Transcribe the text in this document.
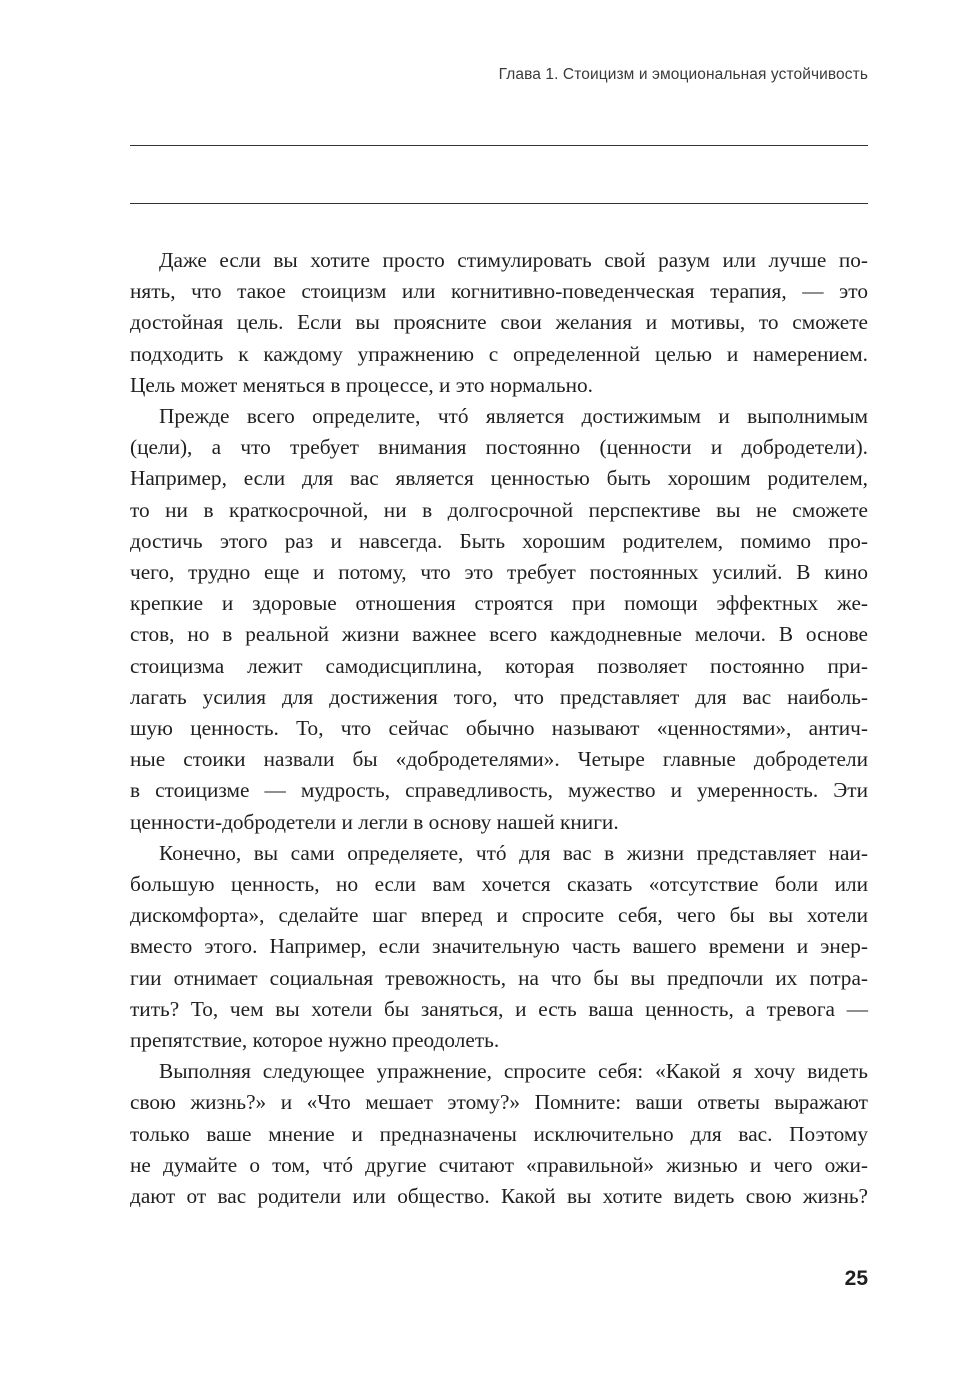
Глава 1. Стоицизм и эмоциональная устойчивость

Даже если вы хотите просто стимулировать свой разум или лучше по-
нять, что такое стоицизм или когнитивно-поведенческая терапия, — это
достойная цель. Если вы проясните свои желания и мотивы, то сможете
подходить к каждому упражнению с определенной целью и намерением.
Цель может меняться в процессе, и это нормально.

Прежде всего определите, чтó является достижимым и выполнимым
(цели), а что требует внимания постоянно (ценности и добродетели).
Например, если для вас является ценностью быть хорошим родителем,
то ни в краткосрочной, ни в долгосрочной перспективе вы не сможете
достичь этого раз и навсегда. Быть хорошим родителем, помимо про-
чего, трудно еще и потому, что это требует постоянных усилий. В кино
крепкие и здоровые отношения строятся при помощи эффектных же-
стов, но в реальной жизни важнее всего каждодневные мелочи. В основе
стоицизма лежит самодисциплина, которая позволяет постоянно при-
лагать усилия для достижения того, что представляет для вас наиболь-
шую ценность. То, что сейчас обычно называют «ценностями», антич-
ные стоики назвали бы «добродетелями». Четыре главные добродетели
в стоицизме — мудрость, справедливость, мужество и умеренность. Эти
ценности-добродетели и легли в основу нашей книги.

Конечно, вы сами определяете, чтó для вас в жизни представляет наи-
большую ценность, но если вам хочется сказать «отсутствие боли или
дискомфорта», сделайте шаг вперед и спросите себя, чего бы вы хотели
вместо этого. Например, если значительную часть вашего времени и энер-
гии отнимает социальная тревожность, на что бы вы предпочли их потра-
тить? То, чем вы хотели бы заняться, и есть ваша ценность, а тревога —
препятствие, которое нужно преодолеть.

Выполняя следующее упражнение, спросите себя: «Какой я хочу видеть
свою жизнь?» и «Что мешает этому?» Помните: ваши ответы выражают
только ваше мнение и предназначены исключительно для вас. Поэтому
не думайте о том, чтó другие считают «правильной» жизнью и чего ожи-
дают от вас родители или общество. Какой вы хотите видеть свою жизнь?

25
